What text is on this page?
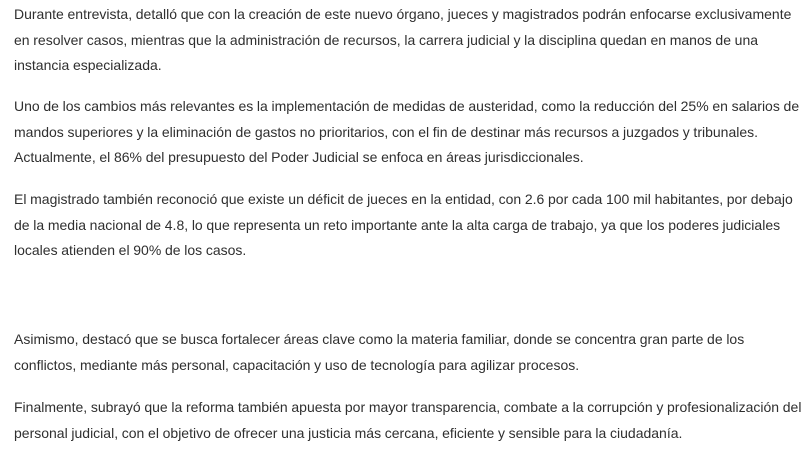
Durante entrevista, detalló que con la creación de este nuevo órgano, jueces y magistrados podrán enfocarse exclusivamente en resolver casos, mientras que la administración de recursos, la carrera judicial y la disciplina quedan en manos de una instancia especializada.

Uno de los cambios más relevantes es la implementación de medidas de austeridad, como la reducción del 25% en salarios de mandos superiores y la eliminación de gastos no prioritarios, con el fin de destinar más recursos a juzgados y tribunales. Actualmente, el 86% del presupuesto del Poder Judicial se enfoca en áreas jurisdiccionales.

El magistrado también reconoció que existe un déficit de jueces en la entidad, con 2.6 por cada 100 mil habitantes, por debajo de la media nacional de 4.8, lo que representa un reto importante ante la alta carga de trabajo, ya que los poderes judiciales locales atienden el 90% de los casos.

Asimismo, destacó que se busca fortalecer áreas clave como la materia familiar, donde se concentra gran parte de los conflictos, mediante más personal, capacitación y uso de tecnología para agilizar procesos.

Finalmente, subrayó que la reforma también apuesta por mayor transparencia, combate a la corrupción y profesionalización del personal judicial, con el objetivo de ofrecer una justicia más cercana, eficiente y sensible para la ciudadanía.
